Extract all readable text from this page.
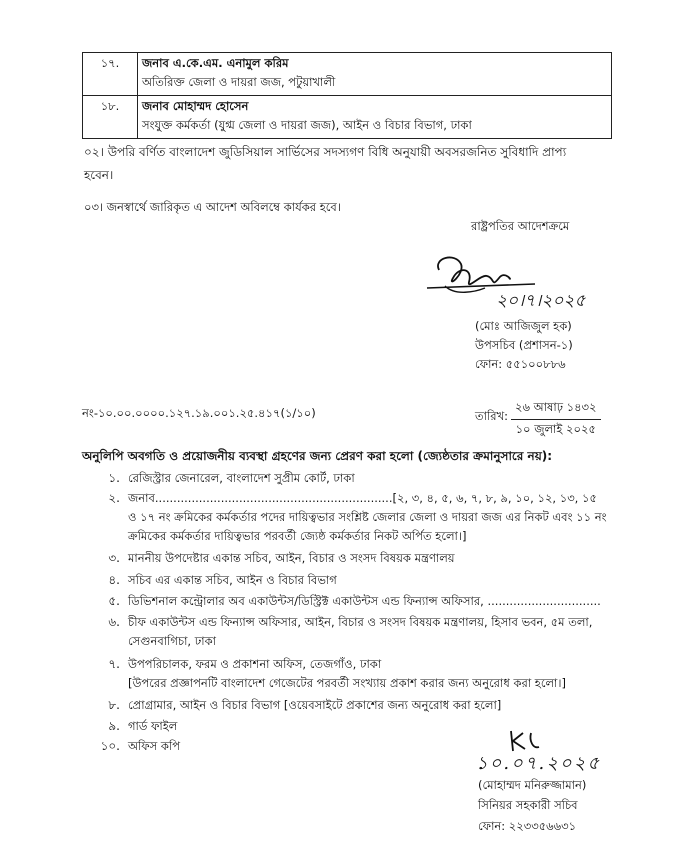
১৭.	জনাব এ.কে.এম. এনামুল করিম
অতিরিক্ত জেলা ও দায়রা জজ, পটুয়াখালী

১৮.	জনাব মোহাম্মদ হোসেন
সংযুক্ত কর্মকর্তা (যুগ্ম জেলা ও দায়রা জজ), আইন ও বিচার বিভাগ, ঢাকা
০২। উপরি বর্ণিত বাংলাদেশ জুডিসিয়াল সার্ভিসের সদস্যগণ বিধি অনুযায়ী অবসরজনিত সুবিধাদি প্রাপ্য
হবেন।
০৩। জনস্বার্থে জারিকৃত এ আদেশ অবিলম্বে কার্যকর হবে।
রাষ্ট্রপতির আদেশক্রমে
২০।৭।২০২৫
(মোঃ আজিজুল হক)
উপসচিব (প্রশাসন-১)
ফোন: ৫৫১০০৮৮৬
নং-১০.০০.০০০০.১২৭.১৯.০০১.২৫.৪১৭(১/১০)	তারিখ:
২৬ আষাঢ় ১৪৩২
১০ জুলাই ২০২৫
অনুলিপি অবগতি ও প্রয়োজনীয় ব্যবস্থা গ্রহণের জন্য প্রেরণ করা হলো (জ্যেষ্ঠতার ক্রমানুসারে নয়):
১. রেজিস্ট্রার জেনারেল, বাংলাদেশ সুপ্রীম কোর্ট, ঢাকা
২. জনাব.................................................................[২, ৩, ৪, ৫, ৬, ৭, ৮, ৯, ১০, ১২, ১৩, ১৫
ও ১৭ নং ক্রমিকের কর্মকর্তার পদের দায়িত্বভার সংশ্লিষ্ট জেলার জেলা ও দায়রা জজ এর নিকট এবং ১১ নং
ক্রমিকের কর্মকর্তার দায়িত্বভার পরবর্তী জ্যেষ্ঠ কর্মকর্তার নিকট অর্পিত হলো।]
৩. মাননীয় উপদেষ্টার একান্ত সচিব, আইন, বিচার ও সংসদ বিষয়ক মন্ত্রণালয়
৪. সচিব এর একান্ত সচিব, আইন ও বিচার বিভাগ
৫. ডিভিশনাল কন্ট্রোলার অব একাউন্টস/ডিস্ট্রিক্ট একাউন্টস এন্ড ফিন্যান্স অফিসার, ...............................
৬. চীফ একাউন্টস এন্ড ফিন্যান্স অফিসার, আইন, বিচার ও সংসদ বিষয়ক মন্ত্রণালয়, হিসাব ভবন, ৫ম তলা,
সেগুনবাগিচা, ঢাকা
৭. উপপরিচালক, ফরম ও প্রকাশনা অফিস, তেজগাঁও, ঢাকা
[উপরের প্রজ্ঞাপনটি বাংলাদেশ গেজেটের পরবর্তী সংখ্যায় প্রকাশ করার জন্য অনুরোধ করা হলো।]
৮. প্রোগ্রামার, আইন ও বিচার বিভাগ [ওয়েবসাইটে প্রকাশের জন্য অনুরোধ করা হলো]
৯. গার্ড ফাইল
১০. অফিস কপি
১০.০৭.২০২৫
(মোহাম্মদ মনিরুজ্জামান)
সিনিয়র সহকারী সচিব
ফোন: ২২৩৩৫৬৬৩১
